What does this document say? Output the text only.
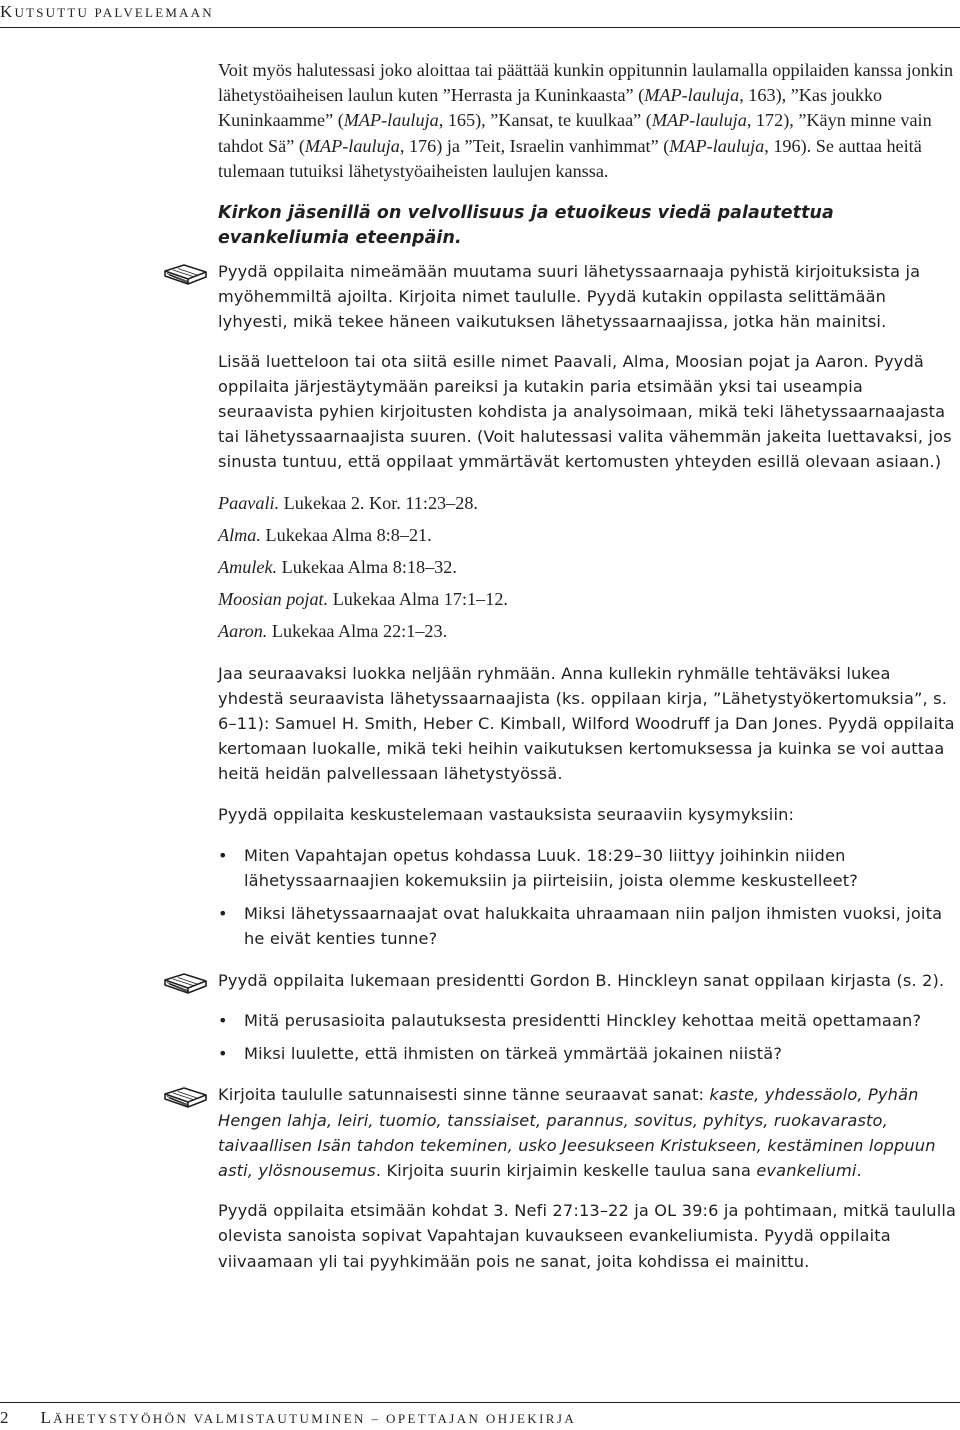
KUTSUTTU PALVELEMAAN

Voit myös halutessasi joko aloittaa tai päättää kunkin oppitunnin laulamalla oppilaiden kanssa jonkin lähetystöaiheisen laulun kuten ”Herrasta ja Kuninkaasta” (MAP-lauluja, 163), ”Kas joukko Kuninkaamme” (MAP-lauluja, 165), ”Kansat, te kuulkaa” (MAP-lauluja, 172), ”Käyn minne vain tahdot Sä” (MAP-lauluja, 176) ja ”Teit, Israelin vanhimmat” (MAP-lauluja, 196). Se auttaa heitä tulemaan tutuiksi lähetystyöaiheisten laulujen kanssa.

Kirkon jäsenillä on velvollisuus ja etuoikeus viedä palautettua evankeliumia eteenpäin.

Pyydä oppilaita nimeämään muutama suuri lähetyssaarnaaja pyhistä kirjoituksista ja myöhemmiltä ajoilta. Kirjoita nimet taululle. Pyydä kutakin oppilasta selittämään lyhyesti, mikä tekee häneen vaikutuksen lähetyssaarnaajissa, jotka hän mainitsi.

Lisää luetteloon tai ota siitä esille nimet Paavali, Alma, Moosian pojat ja Aaron. Pyydä oppilaita järjestäytymään pareiksi ja kutakin paria etsimään yksi tai useampia seuraavista pyhien kirjoitusten kohdista ja analysoimaan, mikä teki lähetyssaarnaajasta tai lähetyssaarnaajista suuren. (Voit halutessasi valita vähemmän jakeita luettavaksi, jos sinusta tuntuu, että oppilaat ymmärtävät kertomusten yhteyden esillä olevaan asiaan.)

Paavali. Lukekaa 2. Kor. 11:23–28.

Alma. Lukekaa Alma 8:8–21.

Amulek. Lukekaa Alma 8:18–32.

Moosian pojat. Lukekaa Alma 17:1–12.

Aaron. Lukekaa Alma 22:1–23.

Jaa seuraavaksi luokka neljään ryhmään. Anna kullekin ryhmälle tehtäväksi lukea yhdestä seuraavista lähetyssaarnaajista (ks. oppilaan kirja, ”Lähetystyökertomuksia”, s. 6–11): Samuel H. Smith, Heber C. Kimball, Wilford Woodruff ja Dan Jones. Pyydä oppilaita kertomaan luokalle, mikä teki heihin vaikutuksen kertomuksessa ja kuinka se voi auttaa heitä heidän palvellessaan lähetystyössä.

Pyydä oppilaita keskustelemaan vastauksista seuraaviin kysymyksiin:

• Miten Vapahtajan opetus kohdassa Luuk. 18:29–30 liittyy joihinkin niiden lähetyssaarnaajien kokemuksiin ja piirteisiin, joista olemme keskustelleet?
• Miksi lähetyssaarnaajat ovat halukkaita uhraamaan niin paljon ihmisten vuoksi, joita he eivät kenties tunne?

Pyydä oppilaita lukemaan presidentti Gordon B. Hinckleyn sanat oppilaan kirjasta (s. 2).

• Mitä perusasioita palautuksesta presidentti Hinckley kehottaa meitä opettamaan?
• Miksi luulette, että ihmisten on tärkeä ymmärtää jokainen niistä?

Kirjoita taululle satunnaisesti sinne tänne seuraavat sanat: kaste, yhdessäolo, Pyhän Hengen lahja, leiri, tuomio, tanssiaiset, parannus, sovitus, pyhitys, ruokavarasto, taivaallisen Isän tahdon tekeminen, usko Jeesukseen Kristukseen, kestäminen loppuun asti, ylösnousemus. Kirjoita suurin kirjaimin keskelle taulua sana evankeliumi.

Pyydä oppilaita etsimään kohdat 3. Nefi 27:13–22 ja OL 39:6 ja pohtimaan, mitkä taululla olevista sanoista sopivat Vapahtajan kuvaukseen evankeliumista. Pyydä oppilaita viivaamaan yli tai pyyhkimään pois ne sanat, joita kohdissa ei mainittu.

2 LÄHETYSTYÖHÖN VALMISTAUTUMINEN – OPETTAJAN OHJEKIRJA
